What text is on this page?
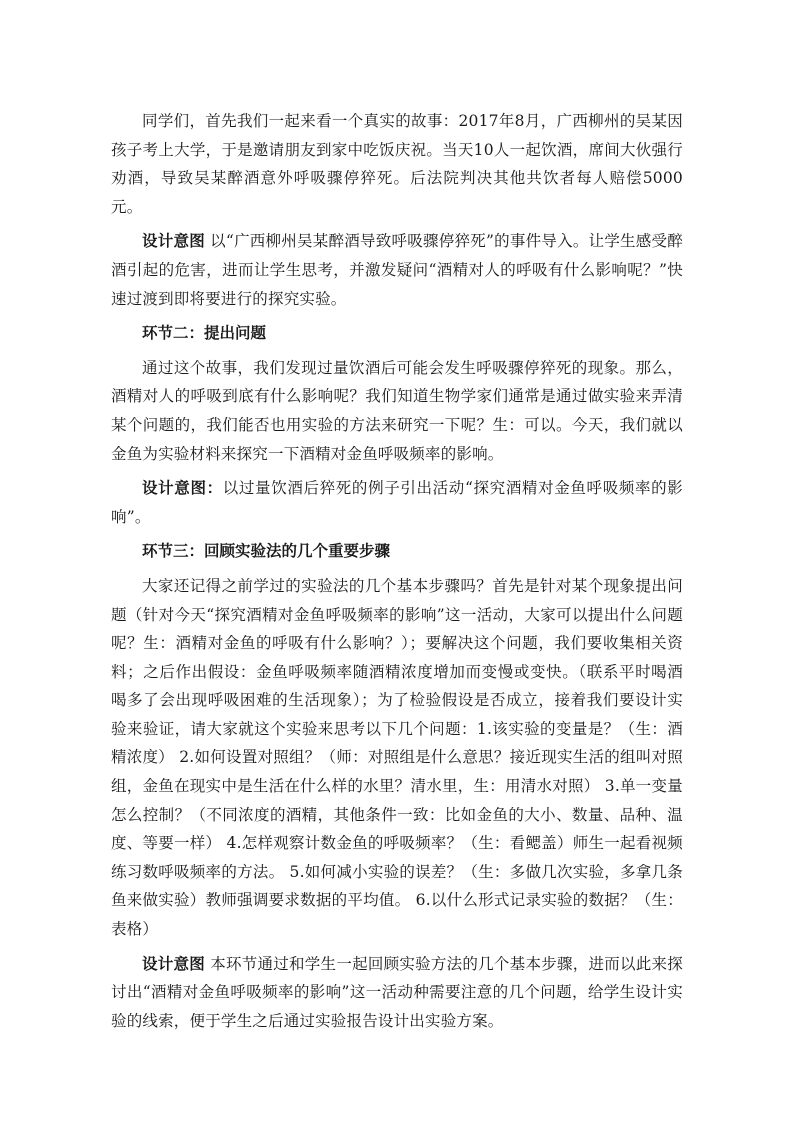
同学们，首先我们一起来看一个真实的故事：2017年8月，广西柳州的吴某因孩子考上大学，于是邀请朋友到家中吃饭庆祝。当天10人一起饮酒，席间大伙强行劝酒，导致吴某醉酒意外呼吸骤停猝死。后法院判决其他共饮者每人赔偿5000元。

设计意图 以“广西柳州吴某醉酒导致呼吸骤停猝死”的事件导入。让学生感受醉酒引起的危害，进而让学生思考，并激发疑问“酒精对人的呼吸有什么影响呢？”快速过渡到即将要进行的探究实验。

环节二：提出问题

通过这个故事，我们发现过量饮酒后可能会发生呼吸骤停猝死的现象。那么，酒精对人的呼吸到底有什么影响呢？我们知道生物学家们通常是通过做实验来弄清某个问题的，我们能否也用实验的方法来研究一下呢？生：可以。今天，我们就以金鱼为实验材料来探究一下酒精对金鱼呼吸频率的影响。

设计意图：以过量饮酒后猝死的例子引出活动“探究酒精对金鱼呼吸频率的影响”。

环节三：回顾实验法的几个重要步骤

大家还记得之前学过的实验法的几个基本步骤吗？首先是针对某个现象提出问题（针对今天“探究酒精对金鱼呼吸频率的影响”这一活动，大家可以提出什么问题呢？生：酒精对金鱼的呼吸有什么影响？）；要解决这个问题，我们要收集相关资料；之后作出假设：金鱼呼吸频率随酒精浓度增加而变慢或变快。（联系平时喝酒喝多了会出现呼吸困难的生活现象）；为了检验假设是否成立，接着我们要设计实验来验证，请大家就这个实验来思考以下几个问题：1.该实验的变量是？（生：酒精浓度） 2.如何设置对照组？（师：对照组是什么意思？接近现实生活的组叫对照组，金鱼在现实中是生活在什么样的水里？清水里，生：用清水对照） 3.单一变量怎么控制？（不同浓度的酒精，其他条件一致：比如金鱼的大小、数量、品种、温度、等要一样） 4.怎样观察计数金鱼的呼吸频率？（生：看鳃盖）师生一起看视频练习数呼吸频率的方法。 5.如何减小实验的误差？（生：多做几次实验，多拿几条鱼来做实验）教师强调要求数据的平均值。 6.以什么形式记录实验的数据？（生：表格）

设计意图 本环节通过和学生一起回顾实验方法的几个基本步骤，进而以此来探讨出“酒精对金鱼呼吸频率的影响”这一活动种需要注意的几个问题，给学生设计实验的线索，便于学生之后通过实验报告设计出实验方案。
